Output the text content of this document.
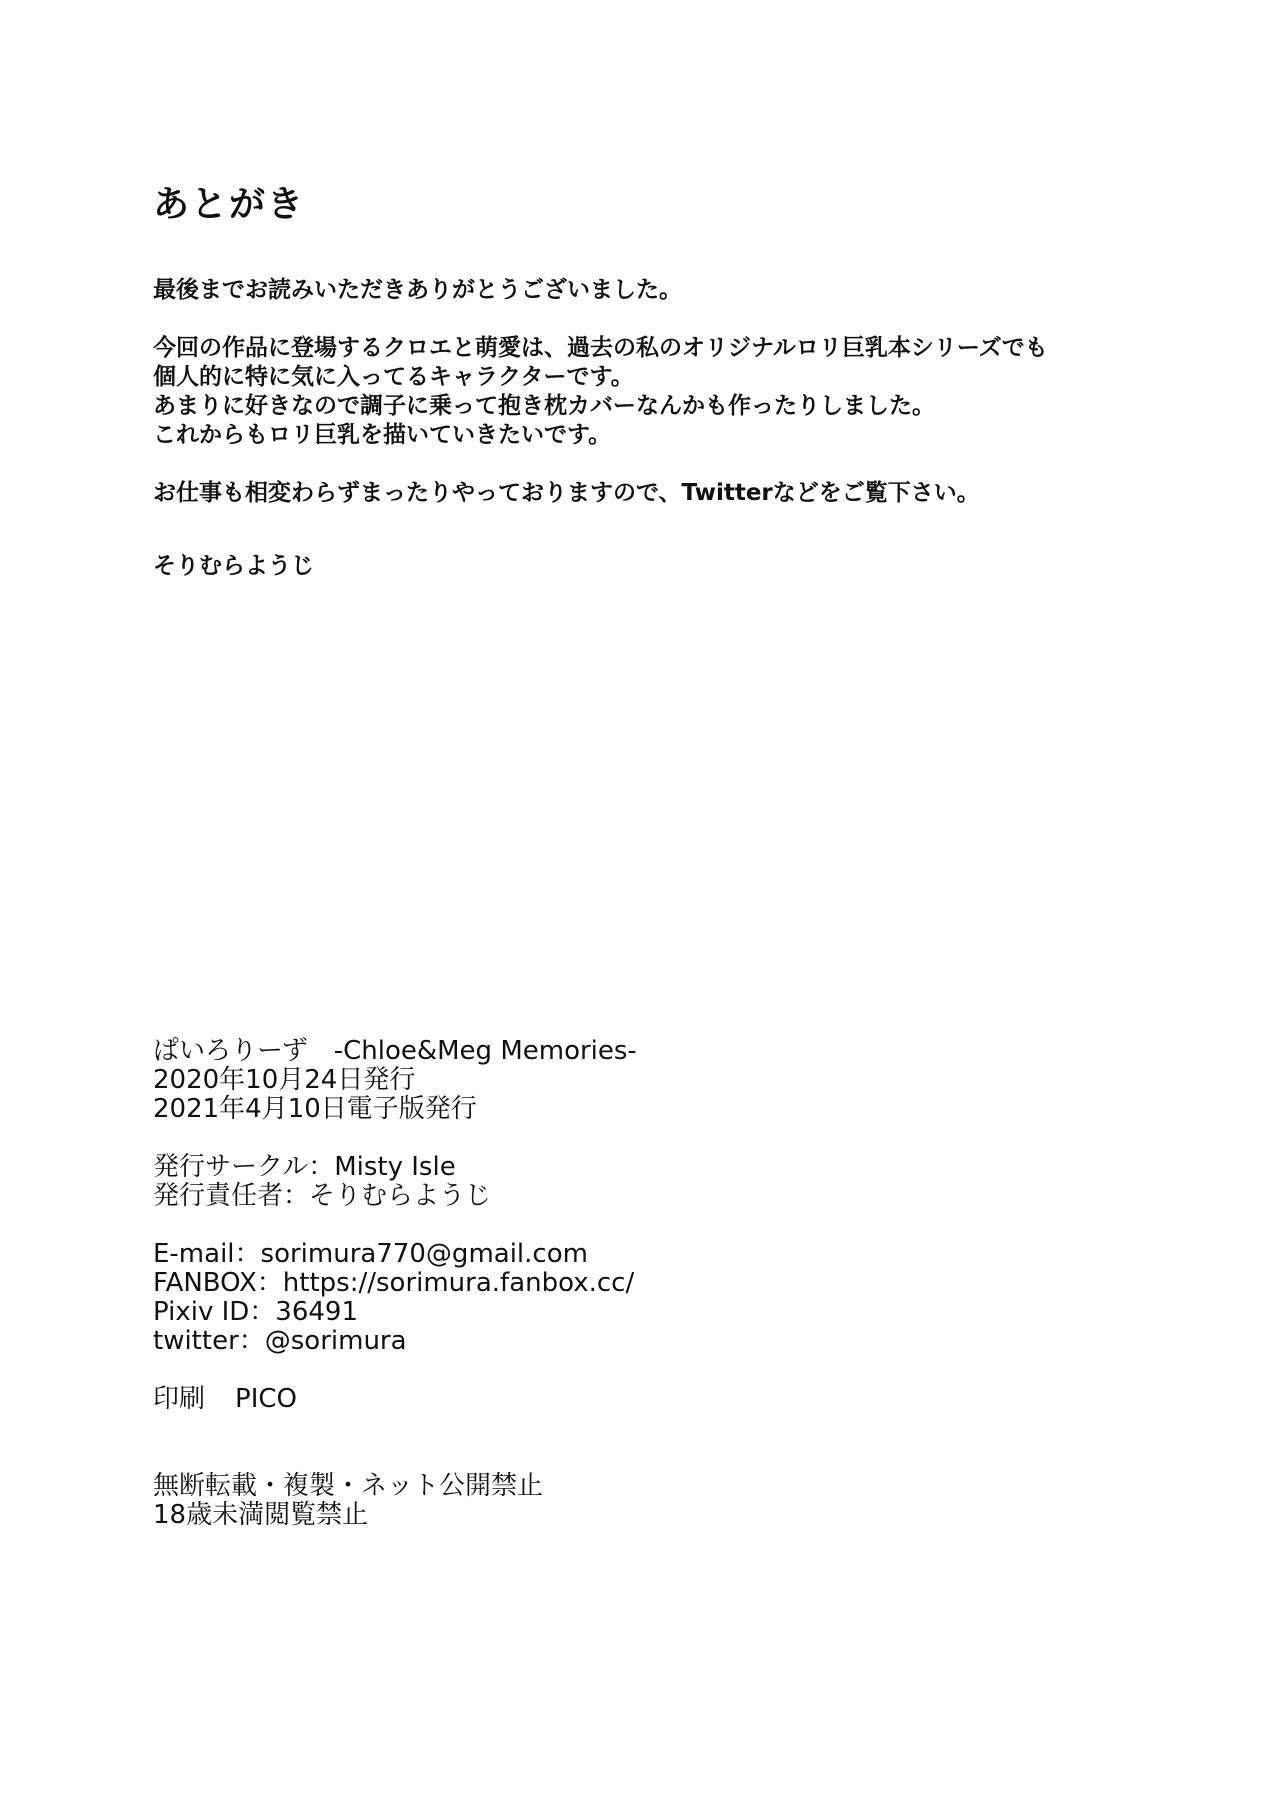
あとがき

最後までお読みいただきありがとうございました。

今回の作品に登場するクロエと萌愛は、過去の私のオリジナルロリ巨乳本シリーズでも

個人的に特に気に入ってるキャラクターです。

あまりに好きなので調子に乗って抱き枕カバーなんかも作ったりしました。

これからもロリ巨乳を描いていきたいです。

お仕事も相変わらずまったりやっておりますので、Twitterなどをご覧下さい。

そりむらようじ

ぱいろりーず　-Chloe&Meg Memories-

2020年10月24日発行

2021年4月10日電子版発行

発行サークル：Misty Isle

発行責任者：そりむらようじ

E-mail：sorimura770@gmail.com

FANBOX：https://sorimura.fanbox.cc/

Pixiv ID：36491

twitter：@sorimura

印刷 PICO

無断転載・複製・ネット公開禁止

18歳未満閲覧禁止
